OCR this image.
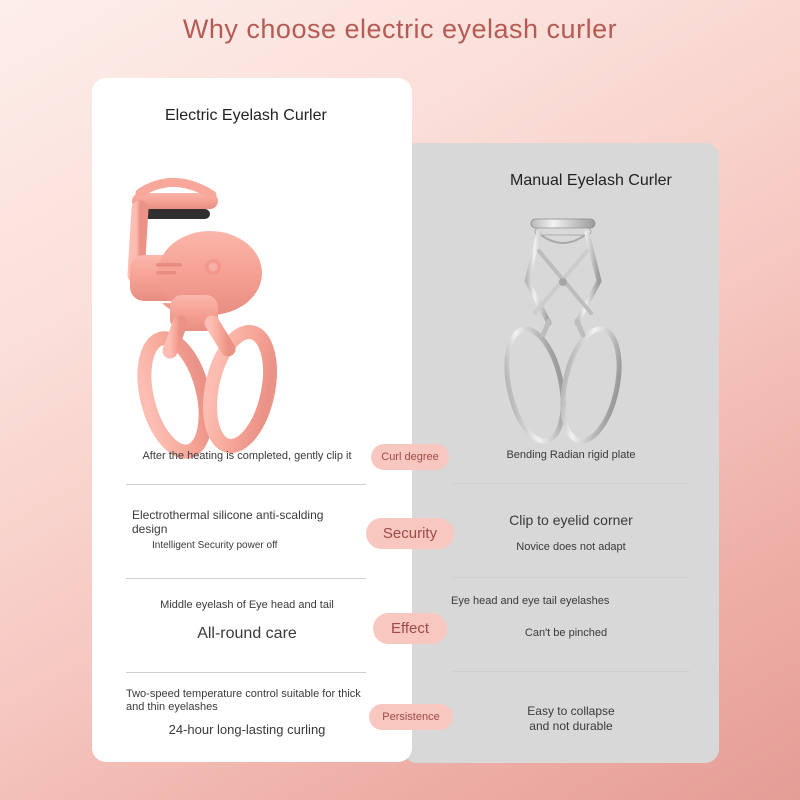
Why choose electric eyelash curler
Manual Eyelash Curler
Bending Radian rigid plate
Clip to eyelid corner
Novice does not adapt
Eye head and eye tail eyelashes
Can't be pinched
Easy to collapse
and not durable
Electric Eyelash Curler
After the heating is completed, gently clip it
Electrothermal silicone anti-scalding design
Intelligent Security power off
Middle eyelash of Eye head and tail
All-round care
Two-speed temperature control suitable for thick and thin eyelashes
24-hour long-lasting curling
Curl degree
Security
Effect
Persistence
